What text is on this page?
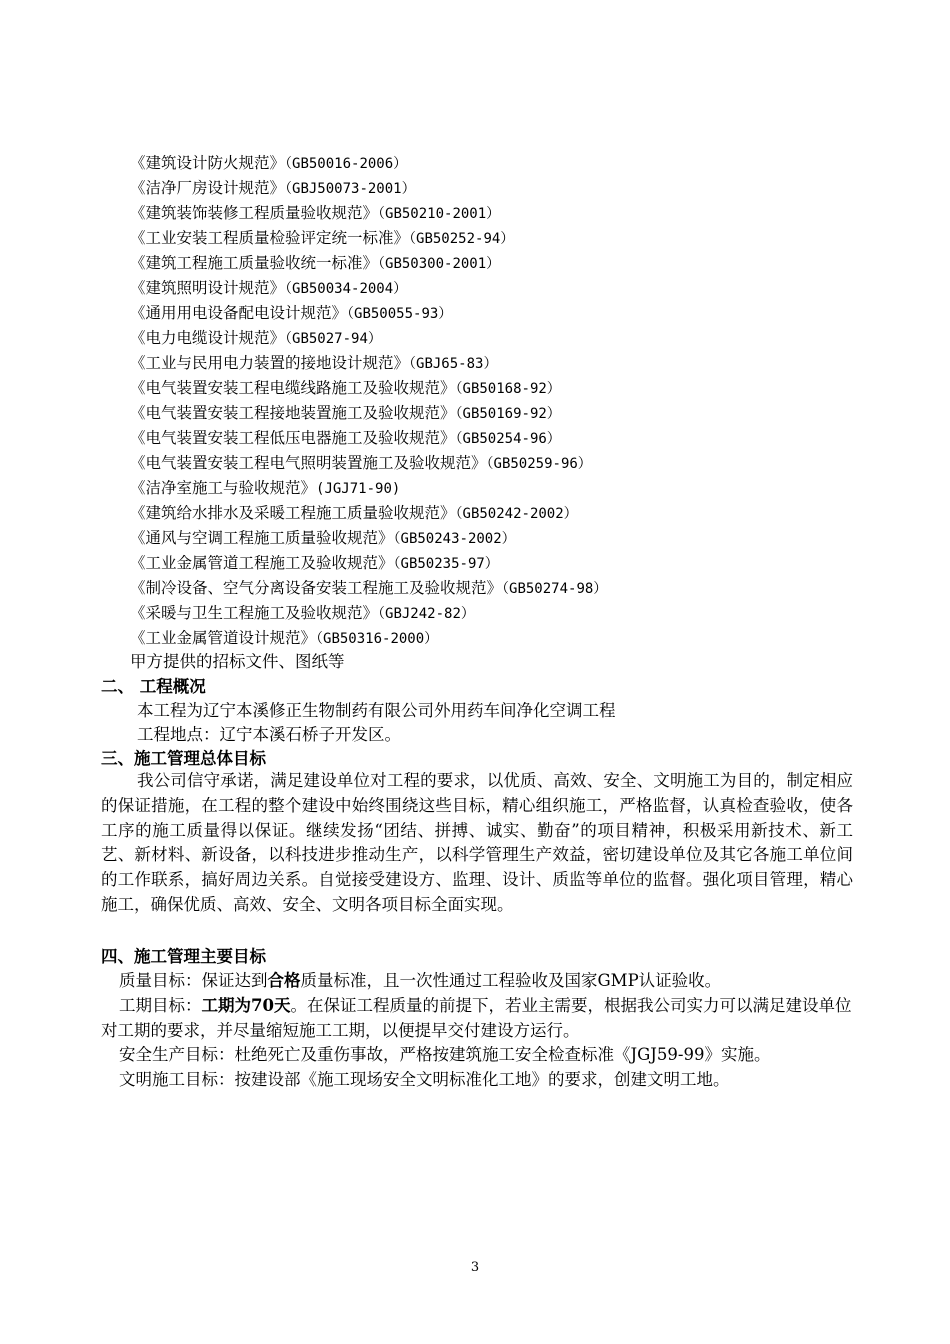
《建筑设计防火规范》（GB50016-2006）
《洁净厂房设计规范》（GBJ50073-2001）
《建筑装饰装修工程质量验收规范》（GB50210-2001）
《工业安装工程质量检验评定统一标准》（GB50252-94）
《建筑工程施工质量验收统一标准》（GB50300-2001）
《建筑照明设计规范》（GB50034-2004）
《通用用电设备配电设计规范》（GB50055-93）
《电力电缆设计规范》（GB5027-94）
《工业与民用电力装置的接地设计规范》（GBJ65-83）
《电气装置安装工程电缆线路施工及验收规范》（GB50168-92）
《电气装置安装工程接地装置施工及验收规范》（GB50169-92）
《电气装置安装工程低压电器施工及验收规范》（GB50254-96）
《电气装置安装工程电气照明装置施工及验收规范》（GB50259-96）
《洁净室施工与验收规范》(JGJ71-90)
《建筑给水排水及采暖工程施工质量验收规范》（GB50242-2002）
《通风与空调工程施工质量验收规范》（GB50243-2002）
《工业金属管道工程施工及验收规范》（GB50235-97）
《制冷设备、空气分离设备安装工程施工及验收规范》（GB50274-98）
《采暖与卫生工程施工及验收规范》（GBJ242-82）
《工业金属管道设计规范》（GB50316-2000）
甲方提供的招标文件、图纸等
二、 工程概况
本工程为辽宁本溪修正生物制药有限公司外用药车间净化空调工程
工程地点：辽宁本溪石桥子开发区。
三、施工管理总体目标

我公司信守承诺，满足建设单位对工程的要求，以优质、高效、安全、文明施工为目的，制定相应的保证措施，在工程的整个建设中始终围绕这些目标，精心组织施工，严格监督，认真检查验收，使各工序的施工质量得以保证。继续发扬“团结、拼搏、诚实、勤奋”的项目精神，积极采用新技术、新工艺、新材料、新设备，以科技进步推动生产，以科学管理生产效益，密切建设单位及其它各施工单位间的工作联系，搞好周边关系。自觉接受建设方、监理、设计、质监等单位的监督。强化项目管理，精心施工，确保优质、高效、安全、文明各项目标全面实现。

四、施工管理主要目标

质量目标：保证达到合格质量标准，且一次性通过工程验收及国家GMP认证验收。

工期目标：工期为70天。在保证工程质量的前提下，若业主需要，根据我公司实力可以满足建设单位对工期的要求，并尽量缩短施工工期，以便提早交付建设方运行。

安全生产目标：杜绝死亡及重伤事故，严格按建筑施工安全检查标准《JGJ59-99》实施。

文明施工目标：按建设部《施工现场安全文明标准化工地》的要求，创建文明工地。

3
